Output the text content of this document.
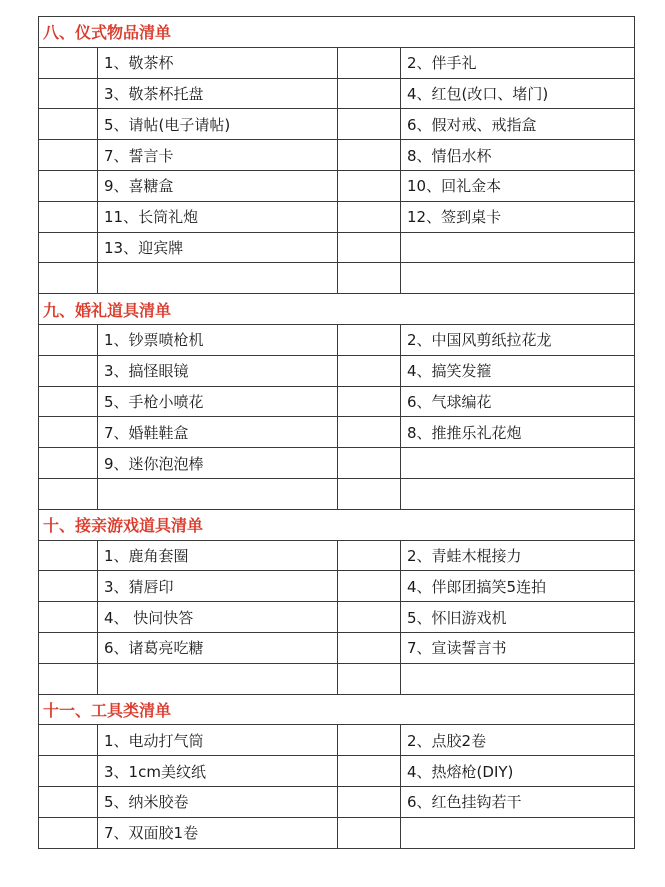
八、仪式物品清单			
	1、敬茶杯		2、伴手礼
	3、敬茶杯托盘		4、红包(改口、堵门)
	5、请帖(电子请帖)		6、假对戒、戒指盒
	7、誓言卡		8、情侣水杯
	9、喜糖盒		10、回礼金本
	11、长筒礼炮		12、签到桌卡
	13、迎宾牌		

九、婚礼道具清单			
	1、钞票喷枪机		2、中国风剪纸拉花龙
	3、搞怪眼镜		4、搞笑发箍
	5、手枪小喷花		6、气球编花
	7、婚鞋鞋盒		8、推推乐礼花炮
	9、迷你泡泡棒		

十、接亲游戏道具清单			
	1、鹿角套圈		2、青蛙木棍接力
	3、猜唇印		4、伴郎团搞笑5连拍
	4、 快问快答		5、怀旧游戏机
	6、诸葛亮吃糖		7、宣读誓言书

十一、工具类清单			
	1、电动打气筒		2、点胶2卷
	3、1cm美纹纸		4、热熔枪(DIY)
	5、纳米胶卷		6、红色挂钩若干
	7、双面胶1卷		
